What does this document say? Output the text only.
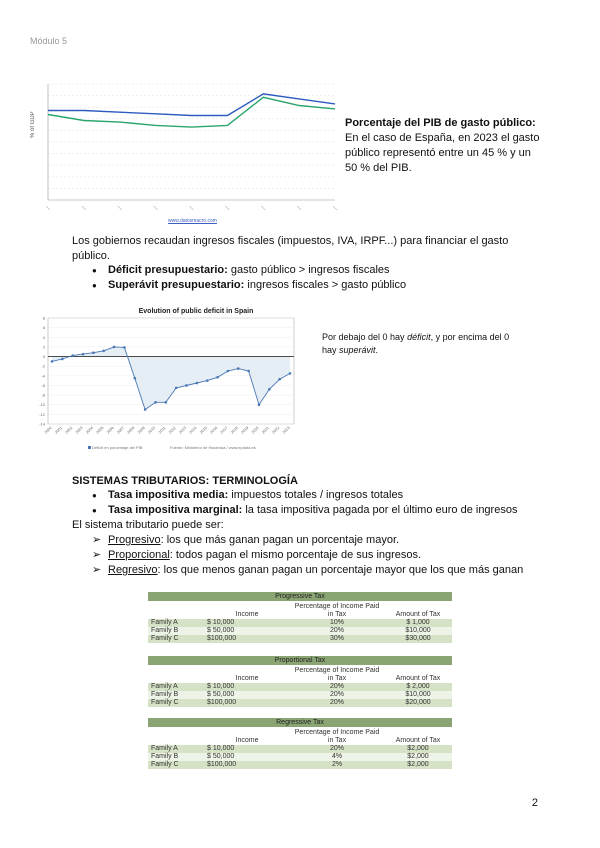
Módulo 5
% of GDP
www.datosmacro.com
Porcentaje del PIB de gasto público:
En el caso de España, en 2023 el gasto público representó entre un 45 % y un 50 % del PIB.
Los gobiernos recaudan ingresos fiscales (impuestos, IVA, IRPF...) para financiar el gasto público.
● Déficit presupuestario: gasto público > ingresos fiscales
● Superávit presupuestario: ingresos fiscales > gasto público
Evolution of public deficit in Spain
Déficit en porcentaje del PIB	Fuente: Ministerio de Hacienda / www.epdata.es
8
6
4
2
0
-2
-4
-6
-8
-10
-12
-14
2000 2001 2002 2003 2004 2005 2006 2007 2008 2009 2010 2011 2012 2013 2014 2015 2016 2017 2018 2019 2020 2021 2022 2023
Por debajo del 0 hay déficit, y por encima del 0 hay superávit.
SISTEMAS TRIBUTARIOS: TERMINOLOGÍA
● Tasa impositiva media: impuestos totales / ingresos totales
● Tasa impositiva marginal: la tasa impositiva pagada por el último euro de ingresos
El sistema tributario puede ser:
➢ Progresivo: los que más ganan pagan un porcentaje mayor.
➢ Proporcional: todos pagan el mismo porcentaje de sus ingresos.
➢ Regresivo: los que menos ganan pagan un porcentaje mayor que los que más ganan
Progressive Tax			
	Income	Percentage of Income Paid in Tax	Amount of Tax
Family A	$ 10,000	10%	$ 1,000
Family B	$ 50,000	20%	$10,000
Family C	$100,000	30%	$30,000
Proportional Tax			
	Income	Percentage of Income Paid in Tax	Amount of Tax
Family A	$ 10,000	20%	$ 2,000
Family B	$ 50,000	20%	$10,000
Family C	$100,000	20%	$20,000
Regressive Tax			
	Income	Percentage of Income Paid in Tax	Amount of Tax
Family A	$ 10,000	20%	$2,000
Family B	$ 50,000	4%	$2,000
Family C	$100,000	2%	$2,000
2
